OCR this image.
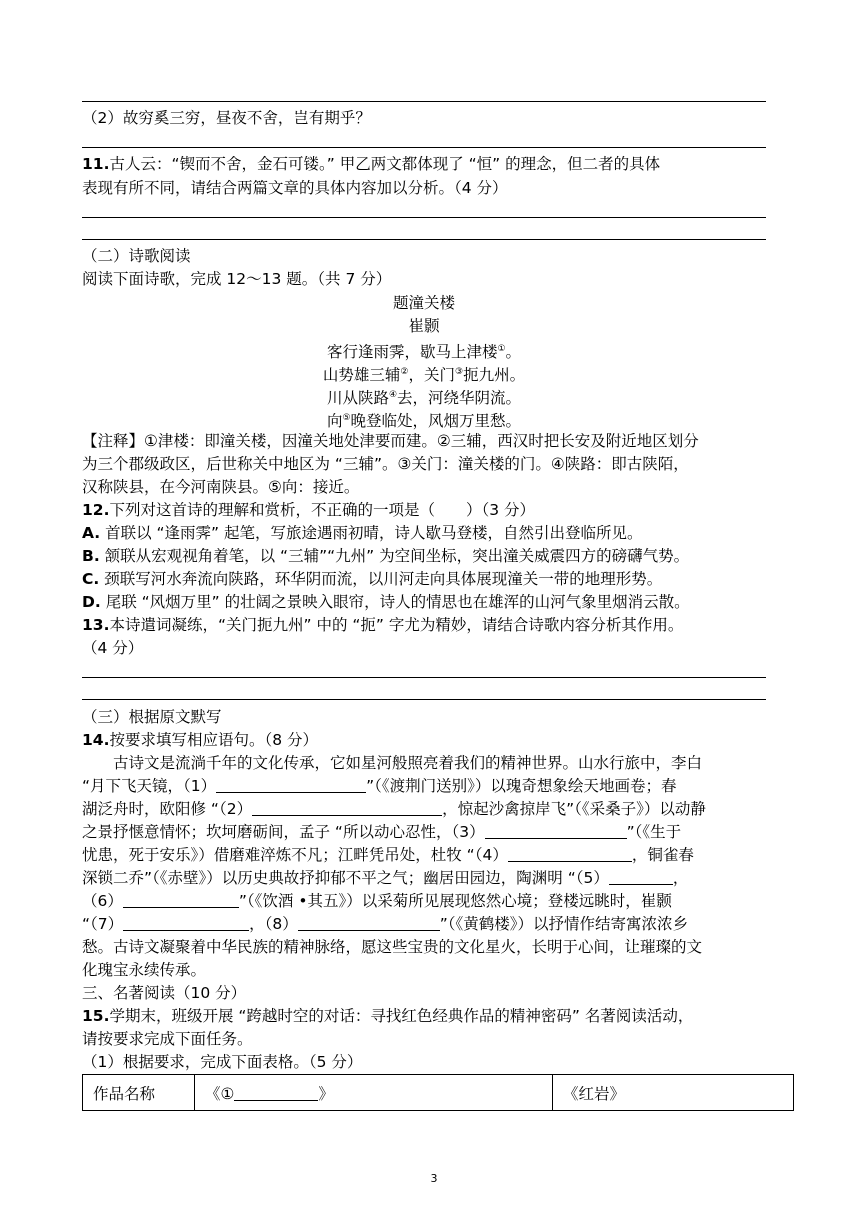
（2）故穷奚三穷，昼夜不舍，岂有期乎？
11.古人云：“锲而不舍，金石可镂。” 甲乙两文都体现了 “恒” 的理念，但二者的具体
表现有所不同，请结合两篇文章的具体内容加以分析。（4 分）
（二）诗歌阅读
阅读下面诗歌，完成 12～13 题。（共 7 分）
题潼关楼
崔颢
客行逢雨霁，歇马上津楼①。
山势雄三辅②，关门③扼九州。
川从陕路④去，河绕华阴流。
向⑤晚登临处，风烟万里愁。
【注释】①津楼：即潼关楼，因潼关地处津要而建。②三辅，西汉时把长安及附近地区划分
为三个郡级政区，后世称关中地区为 “三辅”。③关门：潼关楼的门。④陕路：即古陕陌，
汉称陕县，在今河南陕县。⑤向：接近。
12.下列对这首诗的理解和赏析，不正确的一项是（　　）（3 分）
A. 首联以 “逢雨霁” 起笔，写旅途遇雨初晴，诗人歇马登楼，自然引出登临所见。
B. 颔联从宏观视角着笔，以 “三辅”“九州” 为空间坐标，突出潼关威震四方的磅礴气势。
C. 颈联写河水奔流向陕路，环华阴而流，以川河走向具体展现潼关一带的地理形势。
D. 尾联 “风烟万里” 的壮阔之景映入眼帘，诗人的情思也在雄浑的山河气象里烟消云散。
13.本诗遣词凝练，“关门扼九州” 中的 “扼” 字尤为精妙，请结合诗歌内容分析其作用。
（4 分）
（三）根据原文默写
14.按要求填写相应语句。（8 分）
古诗文是流淌千年的文化传承，它如星河般照亮着我们的精神世界。山水行旅中，李白
“月下飞天镜，（1）	”（《渡荆门送别》）以瑰奇想象绘天地画卷；春
湖泛舟时，欧阳修 “（2）	，惊起沙禽掠岸飞”（《采桑子》）以动静
之景抒惬意情怀；坎坷磨砺间，孟子 “所以动心忍性，（3）	”（《生于
忧患，死于安乐》）借磨难淬炼不凡；江畔凭吊处，杜牧 “（4）	，铜雀春
深锁二乔”（《赤壁》）以历史典故抒抑郁不平之气；幽居田园边，陶渊明 “（5）	，
（6）	”（《饮酒 •其五》）以采菊所见展现悠然心境；登楼远眺时，崔颢
“（7）	，（8）	”（《黄鹤楼》）以抒情作结寄寓浓浓乡
愁。古诗文凝聚着中华民族的精神脉络，愿这些宝贵的文化星火，长明于心间，让璀璨的文
化瑰宝永续传承。
三、名著阅读（10 分）
15.学期末，班级开展 “跨越时空的对话：寻找红色经典作品的精神密码” 名著阅读活动，
请按要求完成下面任务。
（1）根据要求，完成下面表格。（5 分）
作品名称	《①	》	《红岩》
3
